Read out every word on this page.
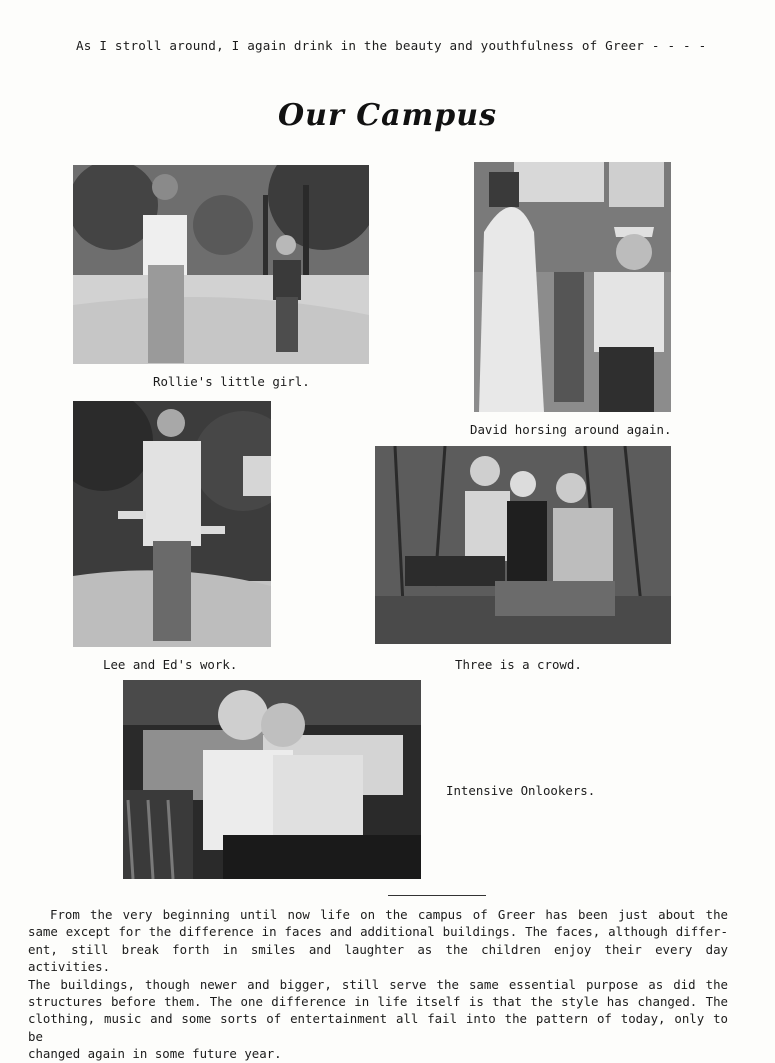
As I stroll around, I again drink in the beauty and youthfulness of Greer - - - -
Our Campus
Rollie's little girl.
David horsing around again.
Lee and Ed's work.	Three is a crowd.
Intensive Onlookers.
From the very beginning until now life on the campus of Greer has been just about the
same except for the difference in faces and additional buildings. The faces, although differ-
ent, still break forth in smiles and laughter as the children enjoy their every day activities.
The buildings, though newer and bigger, still serve the same essential purpose as did the
structures before them. The one difference in life itself is that the style has changed. The
clothing, music and some sorts of entertainment all fail into the pattern of today, only to be
changed again in some future year.
